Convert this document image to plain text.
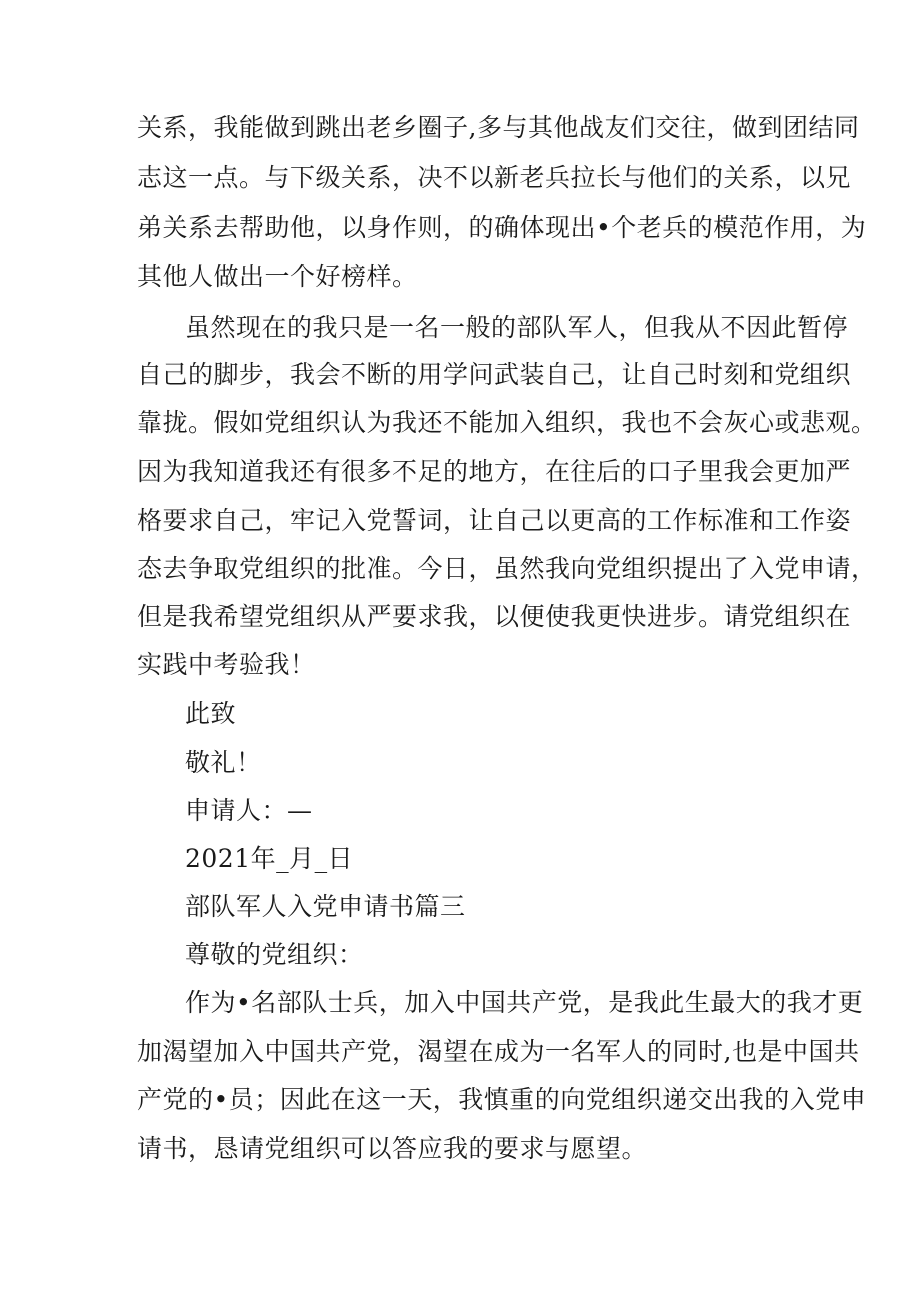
关系，我能做到跳出老乡圈子,多与其他战友们交往，做到团结同
志这一点。与下级关系，决不以新老兵拉长与他们的关系，以兄
弟关系去帮助他，以身作则，的确体现出•个老兵的模范作用，为
其他人做出一个好榜样。
虽然现在的我只是一名一般的部队军人，但我从不因此暂停
自己的脚步，我会不断的用学问武装自己，让自己时刻和党组织
靠拢。假如党组织认为我还不能加入组织，我也不会灰心或悲观。
因为我知道我还有很多不足的地方，在往后的口子里我会更加严
格要求自己，牢记入党誓词，让自己以更高的工作标准和工作姿
态去争取党组织的批准。今日，虽然我向党组织提出了入党申请，
但是我希望党组织从严要求我，以便使我更快进步。请党组织在
实践中考验我！
此致
敬礼！
申请人：—
2021年_月_日
部队军人入党申请书篇三
尊敬的党组织：
作为•名部队士兵，加入中国共产党，是我此生最大的我才更
加渴望加入中国共产党，渴望在成为一名军人的同时,也是中国共
产党的•员；因此在这一天，我慎重的向党组织递交出我的入党申
请书，恳请党组织可以答应我的要求与愿望。
